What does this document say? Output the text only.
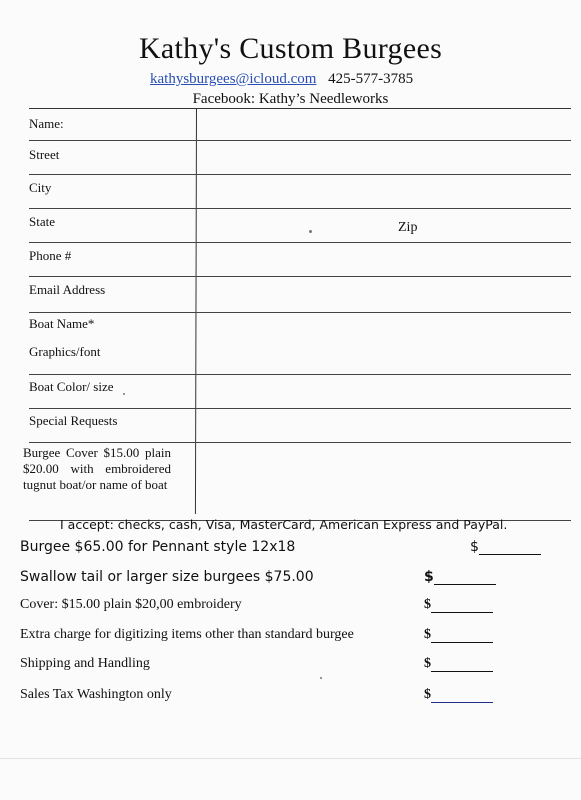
Kathy's Custom Burgees
kathysburgees@icloud.com 425-577-3785
Facebook: Kathy’s Needleworks
Name:
Street
City
State	Zip
Phone #
Email Address
Boat Name*
Graphics/font
Boat Color/ size
Special Requests
Burgee Cover $15.00 plain $20.00 with embroidered tugnut boat/or name of boat
I accept: checks, cash, Visa, MasterCard, American Express and PayPal.
Burgee $65.00 for Pennant style 12x18	$
Swallow tail or larger size burgees $75.00	$
Cover: $15.00 plain $20,00 embroidery	$
Extra charge for digitizing items other than standard burgee	$
Shipping and Handling	$
Sales Tax Washington only	$
